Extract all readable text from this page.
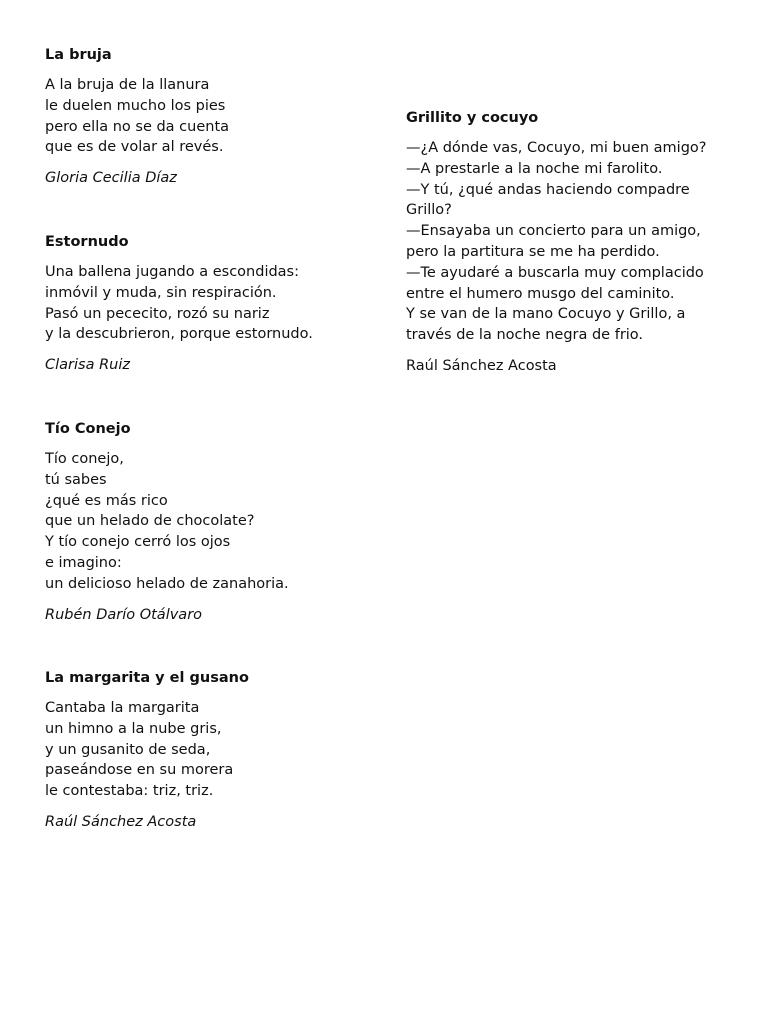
La bruja
A la bruja de la llanura
le duelen mucho los pies
pero ella no se da cuenta
que es de volar al revés.
Gloria Cecilia Díaz
Estornudo
Una ballena jugando a escondidas:
inmóvil y muda, sin respiración.
Pasó un pececito, rozó su nariz
y la descubrieron, porque estornudo.
Clarisa Ruiz
Tío Conejo
Tío conejo,
tú sabes
¿qué es más rico
que un helado de chocolate?
Y tío conejo cerró los ojos
e imagino:
un delicioso helado de zanahoria.
Rubén Darío Otálvaro
La margarita y el gusano
Cantaba la margarita
un himno a la nube gris,
y un gusanito de seda,
paseándose en su morera
le contestaba: triz, triz.
Raúl Sánchez Acosta
Grillito y cocuyo
—¿A dónde vas, Cocuyo, mi buen amigo?
—A prestarle a la noche mi farolito.
—Y tú, ¿qué andas haciendo compadre
Grillo?
—Ensayaba un concierto para un amigo,
pero la partitura se me ha perdido.
—Te ayudaré a buscarla muy complacido
entre el humero musgo del caminito.
Y se van de la mano Cocuyo y Grillo, a
través de la noche negra de frio.
Raúl Sánchez Acosta
